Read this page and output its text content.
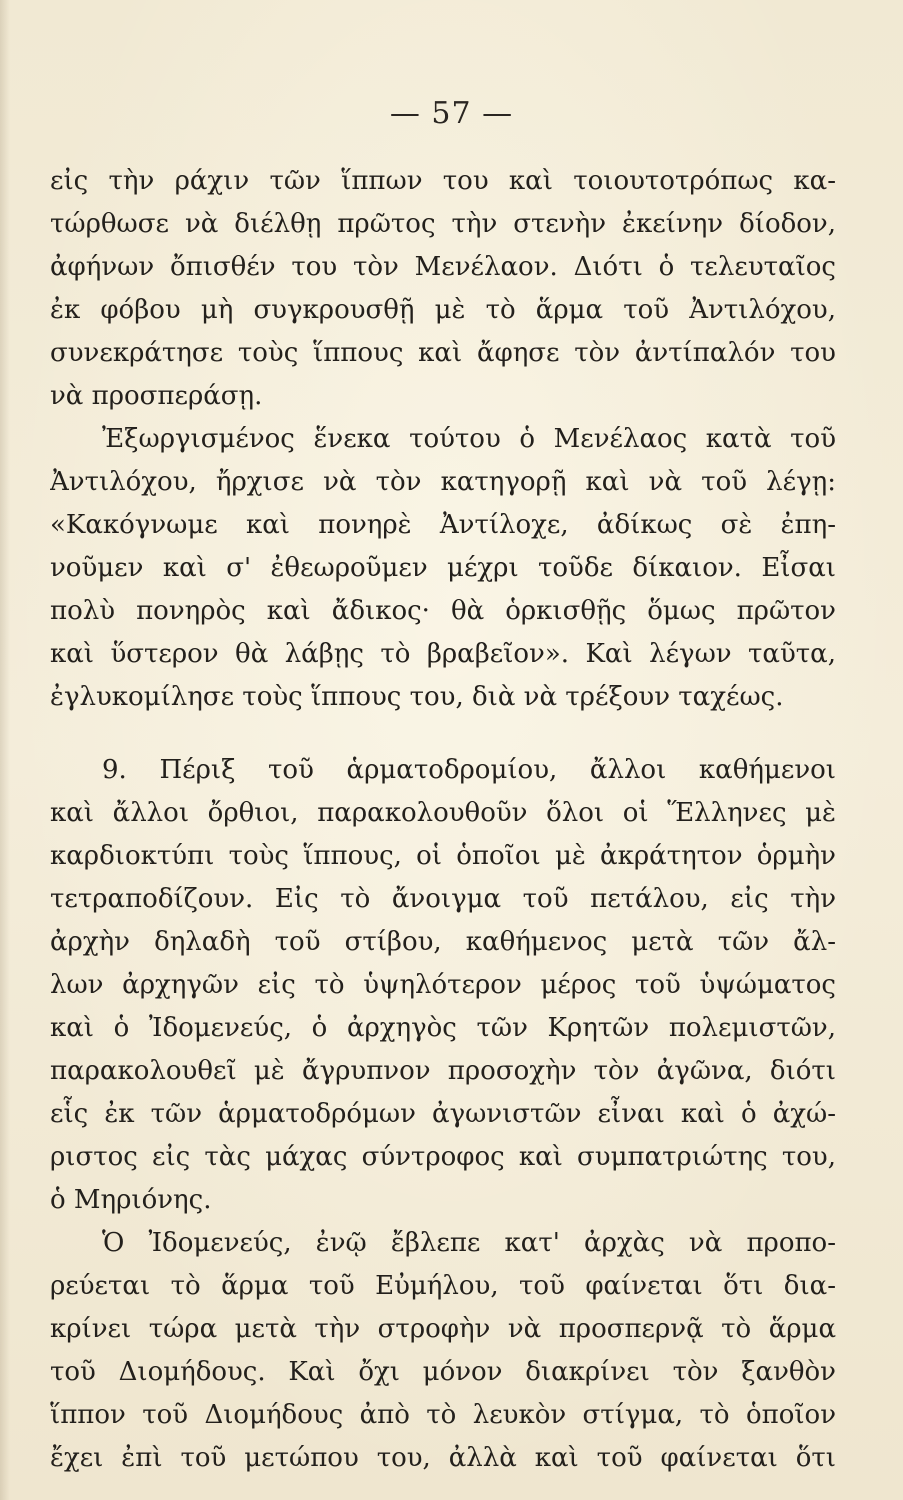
— 57 —
εἰς τὴν ράχιν τῶν ἵππων του καὶ τοιουτοτρόπως κα-
τώρθωσε νὰ διέλθῃ πρῶτος τὴν στενὴν ἐκείνην δίοδον,
ἀφήνων ὄπισθέν του τὸν Μενέλαον. Διότι ὁ τελευταῖος
ἐκ φόβου μὴ συγκρουσθῇ μὲ τὸ ἅρμα τοῦ Ἀντιλόχου,
συνεκράτησε τοὺς ἵππους καὶ ἄφησε τὸν ἀντίπαλόν του
νὰ προσπεράσῃ.
Ἐξωργισμένος ἕνεκα τούτου ὁ Μενέλαος κατὰ τοῦ
Ἀντιλόχου, ἤρχισε νὰ τὸν κατηγορῇ καὶ νὰ τοῦ λέγῃ:
«Κακόγνωμε καὶ πονηρὲ Ἀντίλοχε, ἀδίκως σὲ ἐπη-
νοῦμεν καὶ σ' ἐθεωροῦμεν μέχρι τοῦδε δίκαιον. Εἶσαι
πολὺ πονηρὸς καὶ ἄδικος· θὰ ὁρκισθῇς ὅμως πρῶτον
καὶ ὕστερον θὰ λάβῃς τὸ βραβεῖον». Καὶ λέγων ταῦτα,
ἐγλυκομίλησε τοὺς ἵππους του, διὰ νὰ τρέξουν ταχέως.
9. Πέριξ τοῦ ἁρματοδρομίου, ἄλλοι καθήμενοι
καὶ ἄλλοι ὄρθιοι, παρακολουθοῦν ὅλοι οἱ Ἕλληνες μὲ
καρδιοκτύπι τοὺς ἵππους, οἱ ὁποῖοι μὲ ἀκράτητον ὁρμὴν
τετραποδίζουν. Εἰς τὸ ἄνοιγμα τοῦ πετάλου, εἰς τὴν
ἀρχὴν δηλαδὴ τοῦ στίβου, καθήμενος μετὰ τῶν ἄλ-
λων ἀρχηγῶν εἰς τὸ ὑψηλότερον μέρος τοῦ ὑψώματος
καὶ ὁ Ἰδομενεύς, ὁ ἀρχηγὸς τῶν Κρητῶν πολεμιστῶν,
παρακολουθεῖ μὲ ἄγρυπνον προσοχὴν τὸν ἀγῶνα, διότι
εἷς ἐκ τῶν ἁρματοδρόμων ἀγωνιστῶν εἶναι καὶ ὁ ἀχώ-
ριστος εἰς τὰς μάχας σύντροφος καὶ συμπατριώτης του,
ὁ Μηριόνης.
Ὁ Ἰδομενεύς, ἐνῷ ἔβλεπε κατ' ἀρχὰς νὰ προπο-
ρεύεται τὸ ἅρμα τοῦ Εὐμήλου, τοῦ φαίνεται ὅτι δια-
κρίνει τώρα μετὰ τὴν στροφὴν νὰ προσπερνᾷ τὸ ἅρμα
τοῦ Διομήδους. Καὶ ὄχι μόνον διακρίνει τὸν ξανθὸν
ἵππον τοῦ Διομήδους ἀπὸ τὸ λευκὸν στίγμα, τὸ ὁποῖον
ἔχει ἐπὶ τοῦ μετώπου του, ἀλλὰ καὶ τοῦ φαίνεται ὅτι
